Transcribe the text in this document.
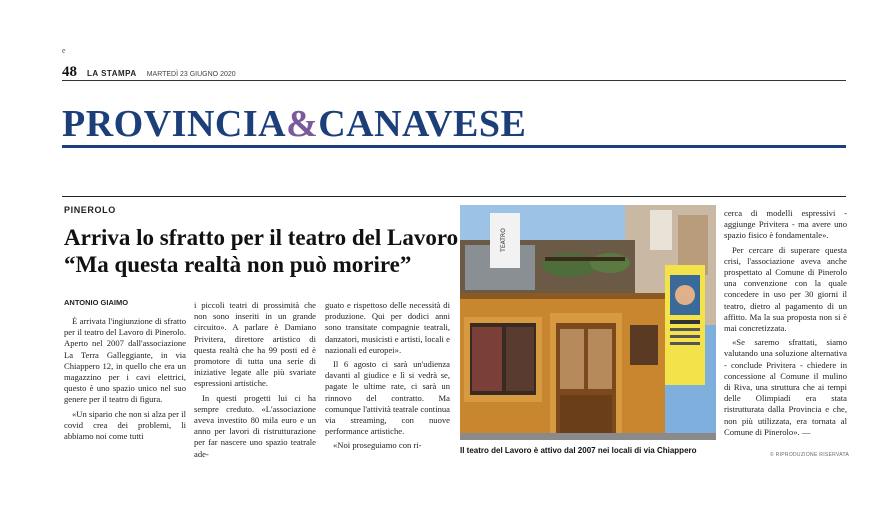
e
48 LA STAMPA MARTEDÌ 23 GIUGNO 2020
PROVINCIA&CANAVESE
PINEROLO
Arriva lo sfratto per il teatro del Lavoro
“Ma questa realtà non può morire”
ANTONIO GIAIMO

È arrivata l'ingiunzione di sfratto per il teatro del Lavoro di Pinerolo. Aperto nel 2007 dall'associazione La Terra Galleggiante, in via Chiappero 12, in quello che era un magazzino per i cavi elettrici, questo è uno spazio unico nel suo genere per il teatro di figura.

«Un sipario che non si alza per il covid crea dei problemi, li abbiamo noi come tutti

i piccoli teatri di prossimità che non sono inseriti in un grande circuito». A parlare è Damiano Privitera, direttore artistico di questa realtà che ha 99 posti ed è promotore di tutta una serie di iniziative legate alle più svariate espressioni artistiche.

In questi progetti lui ci ha sempre creduto. «L'associazione aveva investito 80 mila euro e un anno per lavori di ristrutturazione per far nascere uno spazio teatrale ade-

guato e rispettoso delle necessità di produzione. Qui per dodici anni sono transitate compagnie teatrali, danzatori, musicisti e artisti, locali e nazionali ed europei».

Il 6 agosto ci sarà un'udienza davanti al giudice e lì si vedrà se, pagate le ultime rate, ci sarà un rinnovo del contratto. Ma comunque l'attività teatrale continua via streaming, con nuove performance artistiche.

«Noi proseguiamo con ri-

TEATRO
Il teatro del Lavoro è attivo dal 2007 nei locali di via Chiappero

cerca di modelli espressivi - aggiunge Privitera - ma avere uno spazio fisico è fondamentale».

Per cercare di superare questa crisi, l'associazione aveva anche prospettato al Comune di Pinerolo una convenzione con la quale concedere in uso per 30 giorni il teatro, dietro al pagamento di un affitto. Ma la sua proposta non si è mai concretizzata.

«Se saremo sfrattati, siamo valutando una soluzione alternativa - conclude Privitera - chiedere in concessione al Comune il mulino di Riva, una struttura che ai tempi delle Olimpiadi era stata ristrutturata dalla Provincia e che, non più utilizzata, era tornata al Comune di Pinerolo». —

© RIPRODUZIONE RISERVATA
